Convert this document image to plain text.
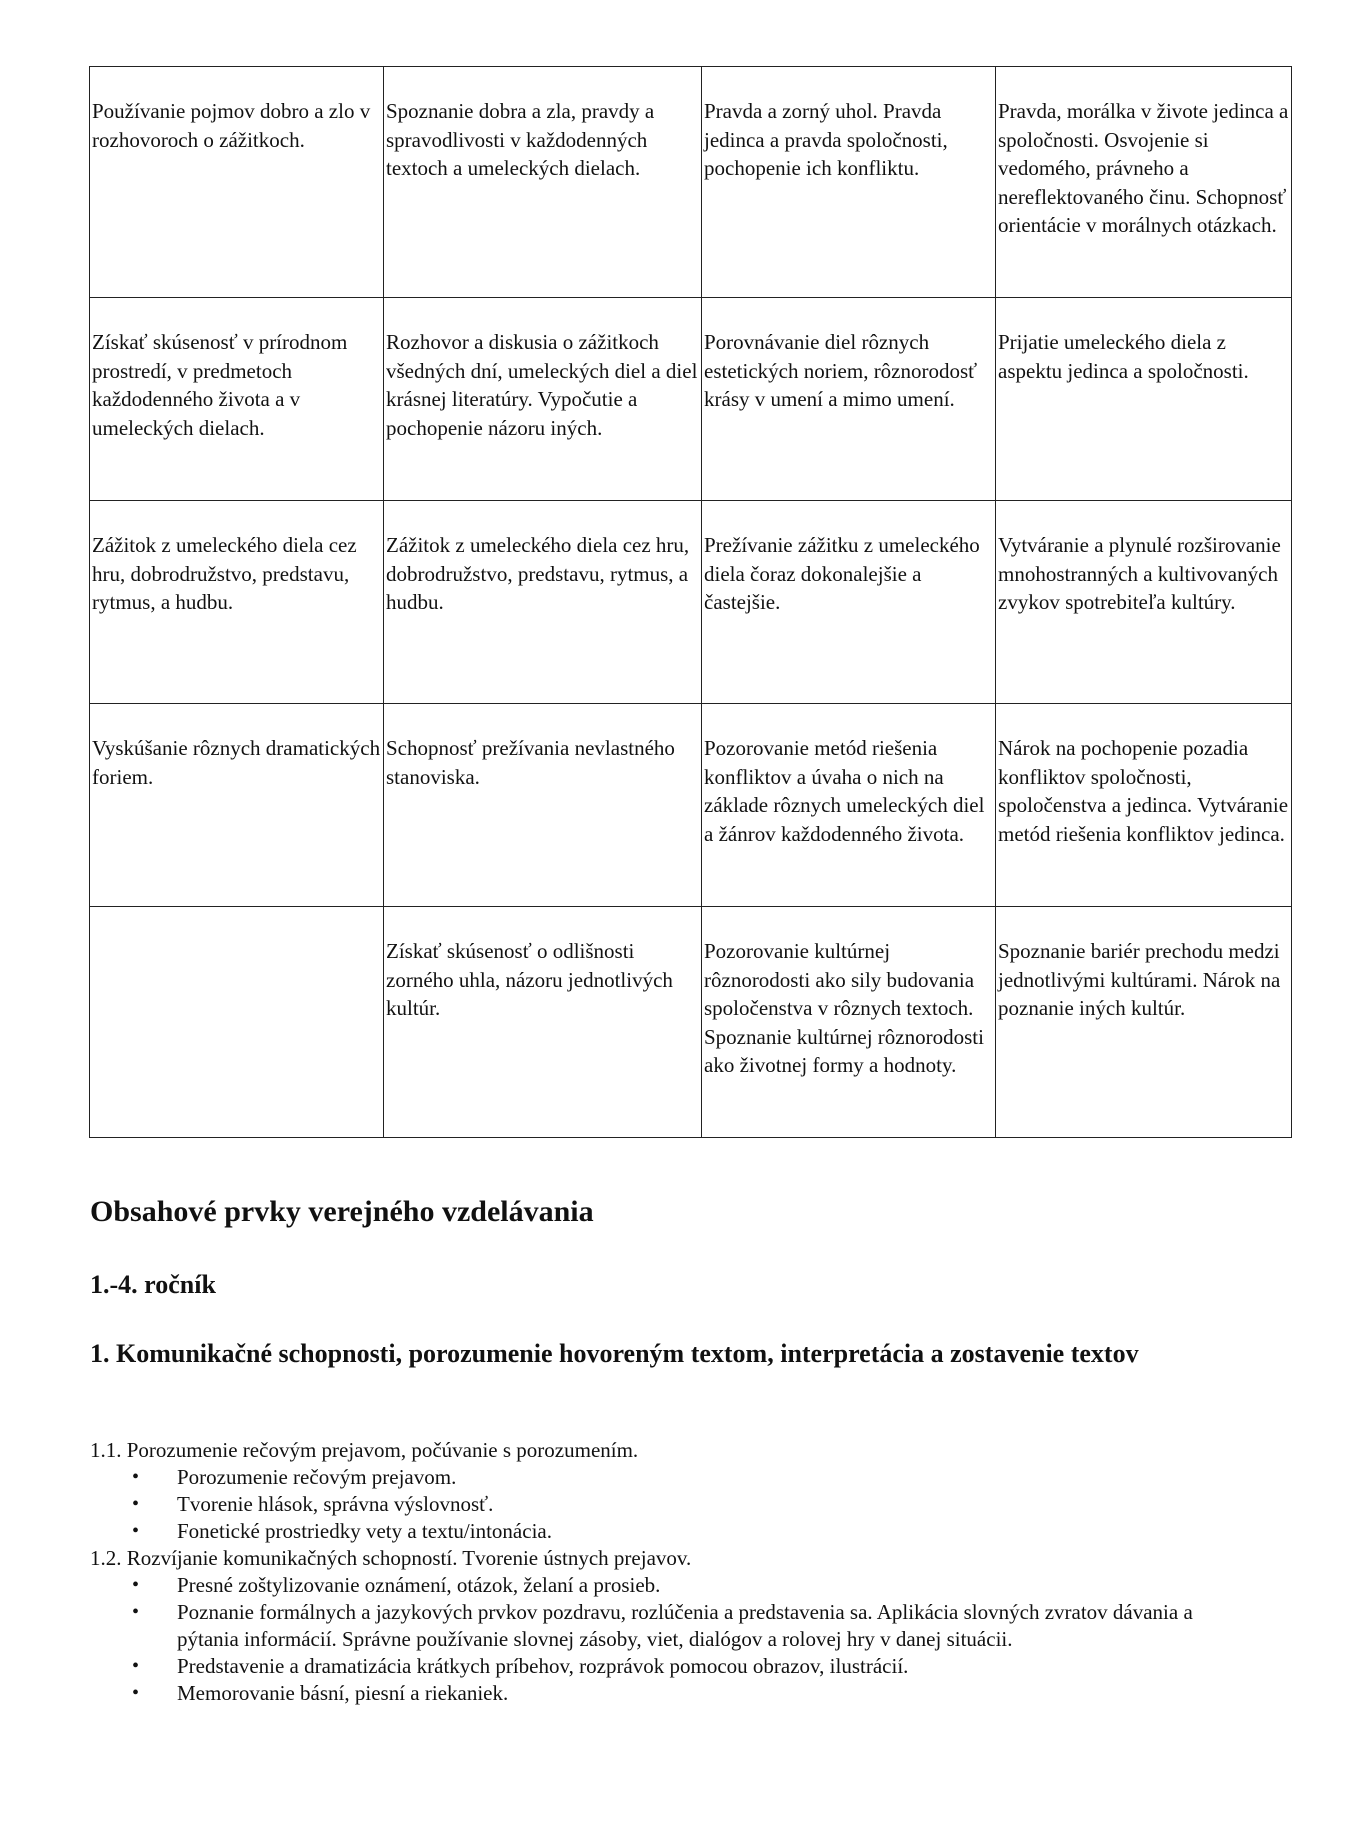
Používanie pojmov dobro a zlo v rozhovoroch o zážitkoch.	Spoznanie dobra a zla, pravdy a spravodlivosti v každodenných textoch a umeleckých dielach.	Pravda a zorný uhol. Pravda jedinca a pravda spoločnosti, pochopenie ich konfliktu.	Pravda, morálka v živote jedinca a spoločnosti. Osvojenie si vedomého, právneho a nereflektovaného činu. Schopnosť orientácie v morálnych otázkach.
Získať skúsenosť v prírodnom prostredí, v predmetoch každodenného života a v umeleckých dielach.	Rozhovor a diskusia o zážitkoch všedných dní, umeleckých diel a diel krásnej literatúry. Vypočutie a pochopenie názoru iných.	Porovnávanie diel rôznych estetických noriem, rôznorodosť krásy v umení a mimo umení.	Prijatie umeleckého diela z aspektu jedinca a spoločnosti.
Zážitok z umeleckého diela cez hru, dobrodružstvo, predstavu, rytmus, a hudbu.	Zážitok z umeleckého diela cez hru, dobrodružstvo, predstavu, rytmus, a hudbu.	Prežívanie zážitku z umeleckého diela čoraz dokonalejšie a častejšie.	Vytváranie a plynulé rozširovanie mnohostranných a kultivovaných zvykov spotrebiteľa kultúry.
Vyskúšanie rôznych dramatických foriem.	Schopnosť prežívania nevlastného stanoviska.	Pozorovanie metód riešenia konfliktov a úvaha o nich na základe rôznych umeleckých diel a žánrov každodenného života.	Nárok na pochopenie pozadia konfliktov spoločnosti, spoločenstva a jedinca. Vytváranie metód riešenia konfliktov jedinca.
	Získať skúsenosť o odlišnosti zorného uhla, názoru jednotlivých kultúr.	Pozorovanie kultúrnej rôznorodosti ako sily budovania spoločenstva v rôznych textoch. Spoznanie kultúrnej rôznorodosti ako životnej formy a hodnoty.	Spoznanie bariér prechodu medzi jednotlivými kultúrami. Nárok na poznanie iných kultúr.
Obsahové prvky verejného vzdelávania
1.-4. ročník
1. Komunikačné schopnosti, porozumenie hovoreným textom, interpretácia a zostavenie textov

1.1. Porozumenie rečovým prejavom, počúvanie s porozumením.

• Porozumenie rečovým prejavom.
• Tvorenie hlások, správna výslovnosť.
• Fonetické prostriedky vety a textu/intonácia.

1.2. Rozvíjanie komunikačných schopností. Tvorenie ústnych prejavov.

• Presné zoštylizovanie oznámení, otázok, želaní a prosieb.
• Poznanie formálnych a jazykových prvkov pozdravu, rozlúčenia a predstavenia sa. Aplikácia slovných zvratov dávania a pýtania informácií. Správne používanie slovnej zásoby, viet, dialógov a rolovej hry v danej situácii.
• Predstavenie a dramatizácia krátkych príbehov, rozprávok pomocou obrazov, ilustrácií.
• Memorovanie básní, piesní a riekaniek.
